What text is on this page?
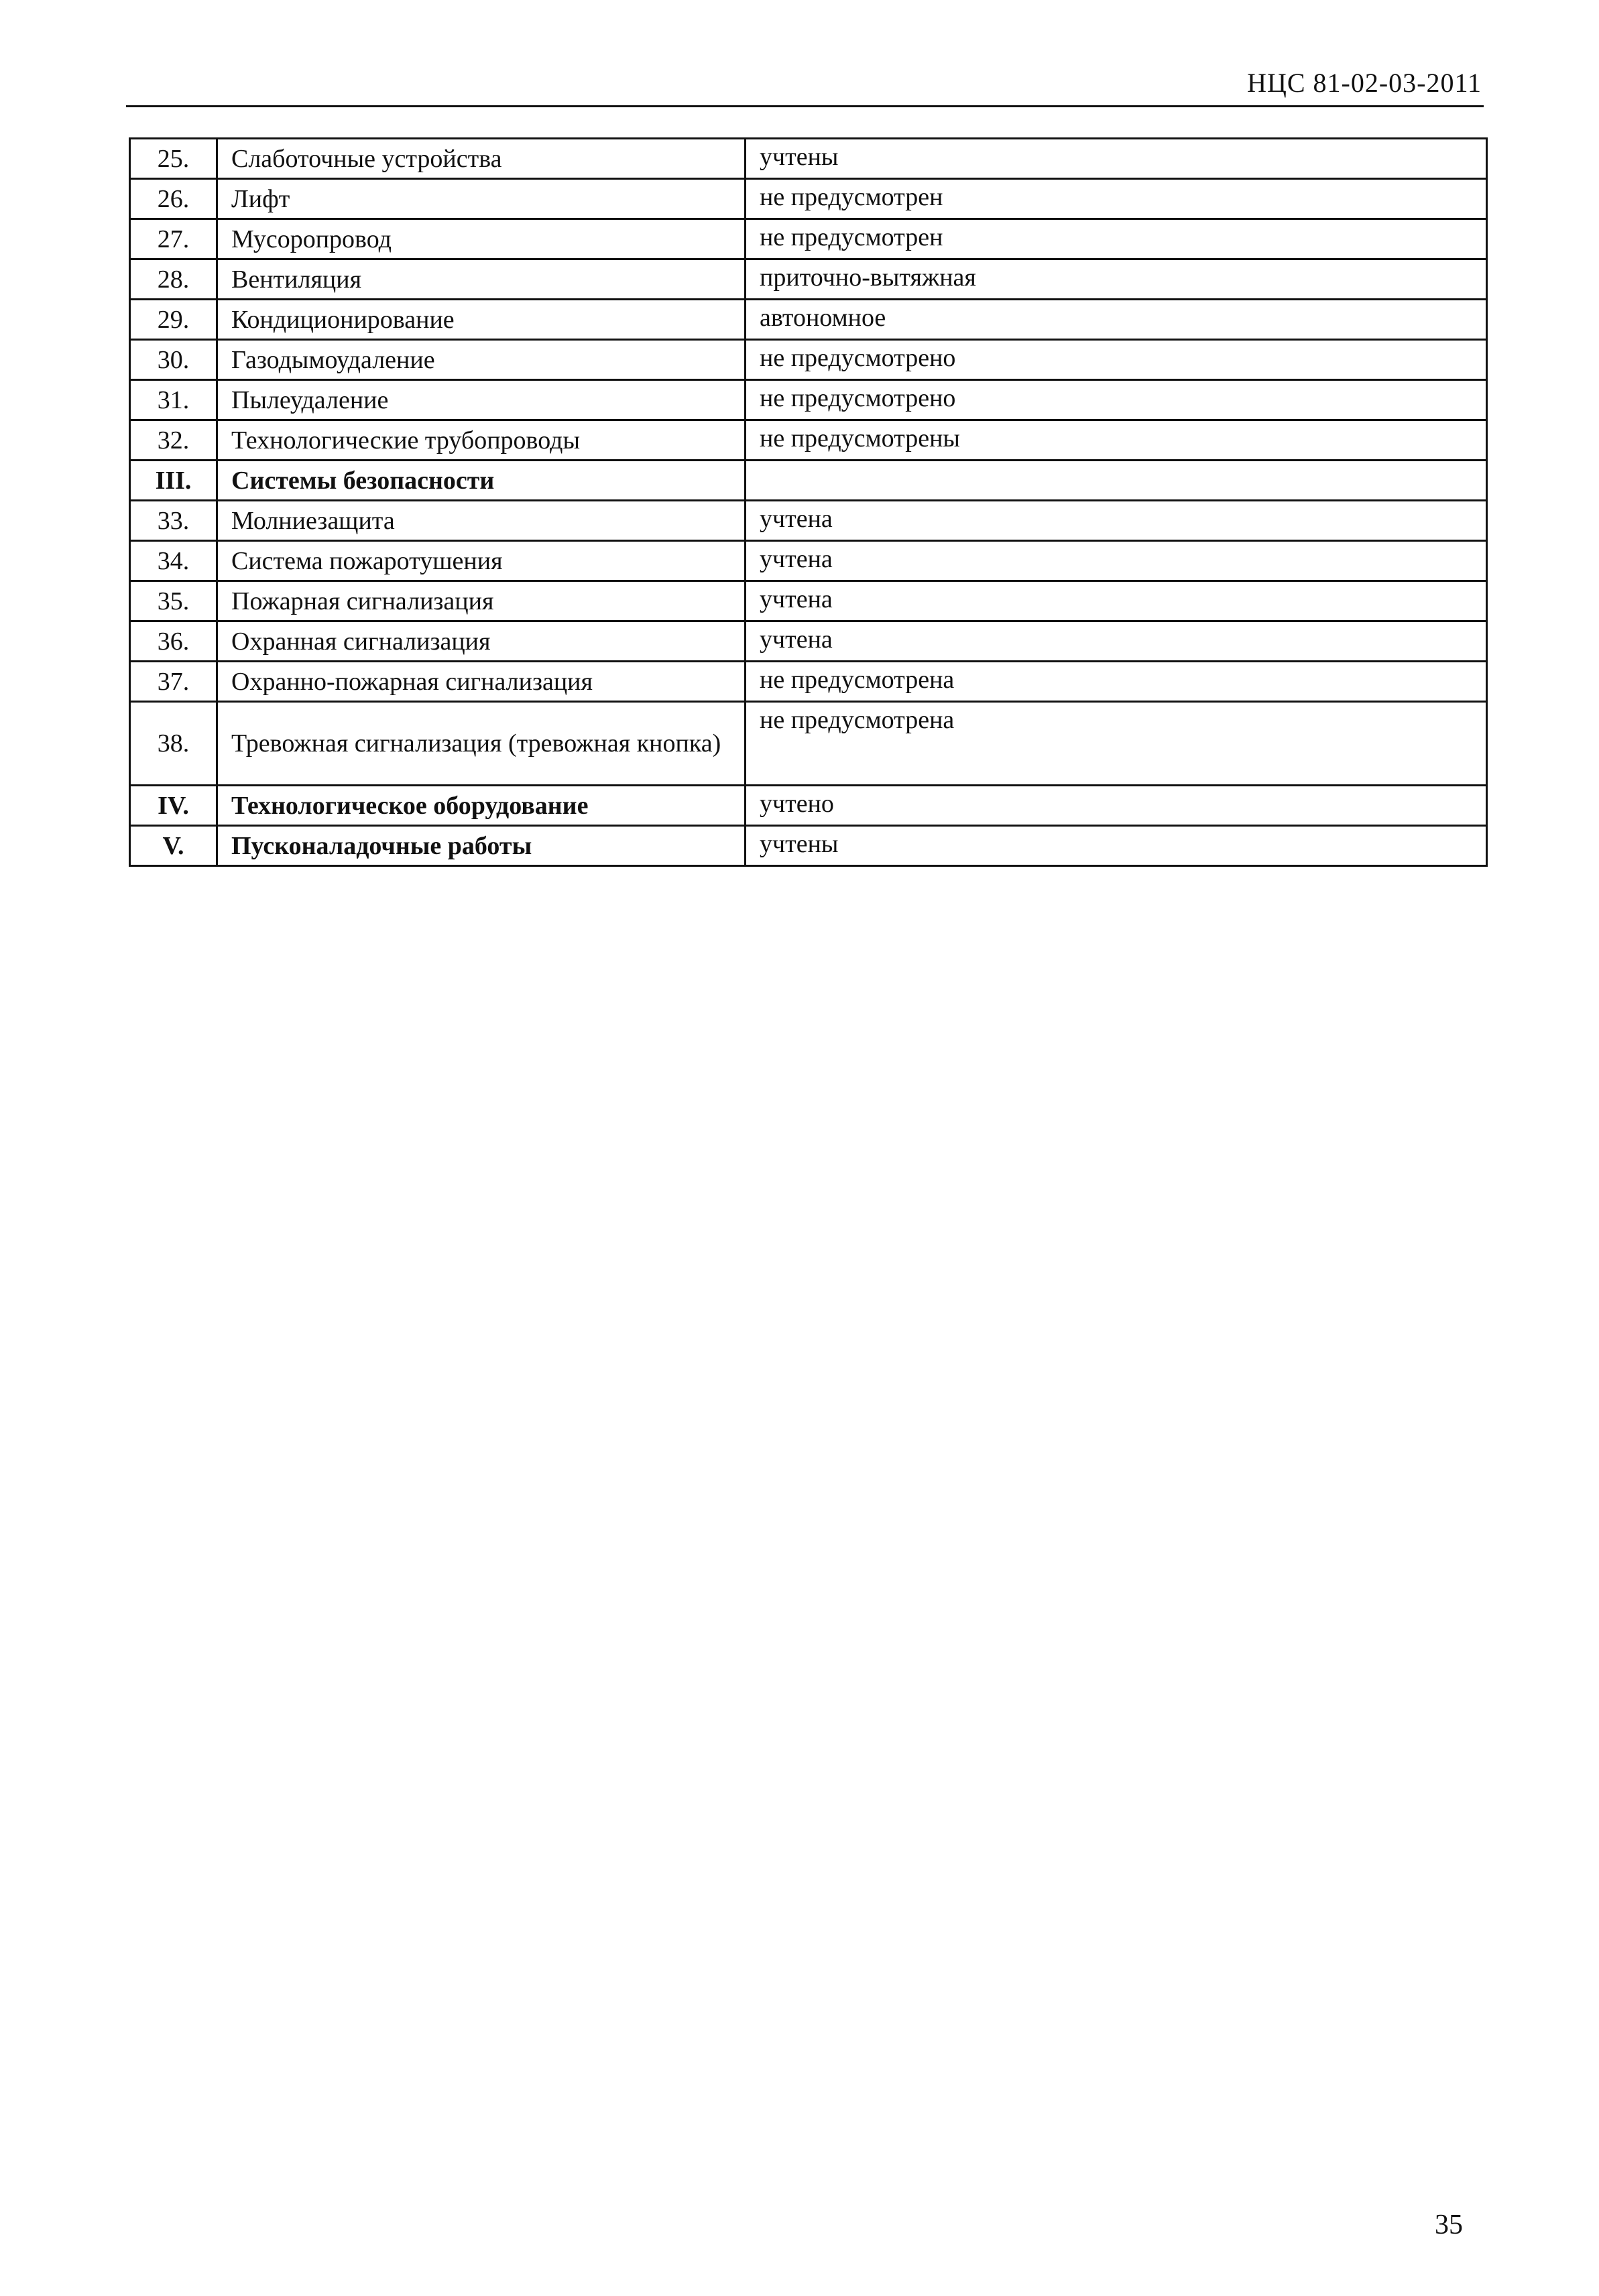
НЦС 81-02-03-2011
25.	Слаботочные устройства	учтены
26.	Лифт	не предусмотрен
27.	Мусоропровод	не предусмотрен
28.	Вентиляция	приточно-вытяжная
29.	Кондиционирование	автономное
30.	Газодымоудаление	не предусмотрено
31.	Пылеудаление	не предусмотрено
32.	Технологические трубопроводы	не предусмотрены
III.	Системы безопасности	
33.	Молниезащита	учтена
34.	Система пожаротушения	учтена
35.	Пожарная сигнализация	учтена
36.	Охранная сигнализация	учтена
37.	Охранно-пожарная сигнализация	не предусмотрена
38.	Тревожная сигнализация (тревожная кнопка)	не предусмотрена
IV.	Технологическое оборудование	учтено
V.	Пусконаладочные работы	учтены
35
